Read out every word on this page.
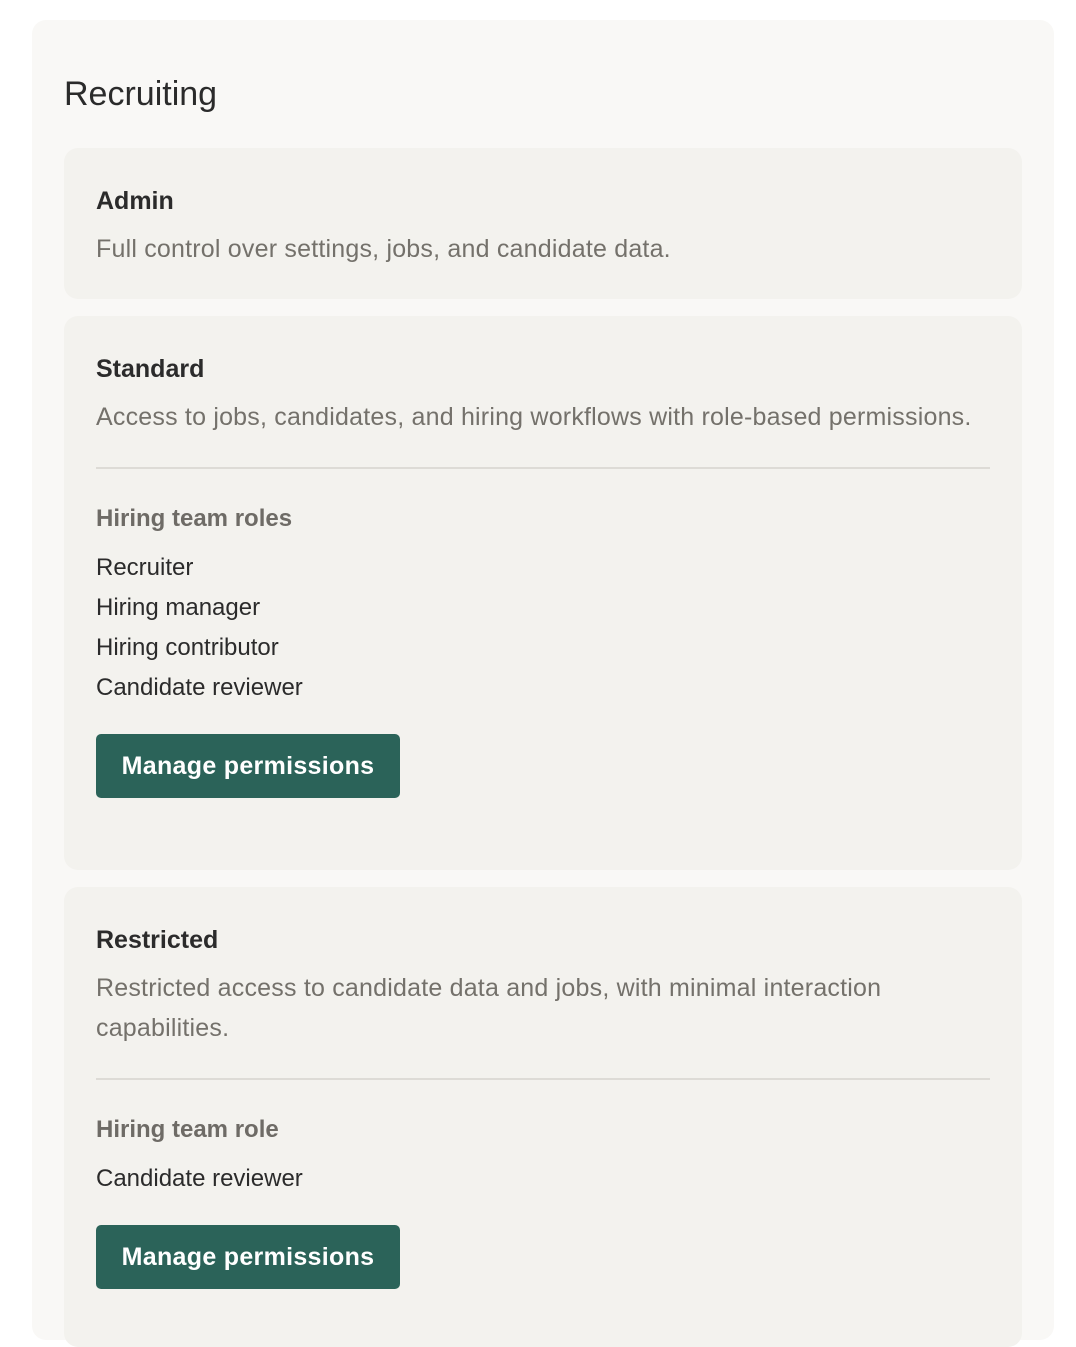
Recruiting
Admin

Full control over settings, jobs, and candidate data.

Standard

Access to jobs, candidates, and hiring workflows with role-based permissions.

Hiring team roles

Recruiter
Hiring manager
Hiring contributor
Candidate reviewer
Manage permissions
Restricted

Restricted access to candidate data and jobs, with minimal interaction capabilities.

Hiring team role

Candidate reviewer
Manage permissions
